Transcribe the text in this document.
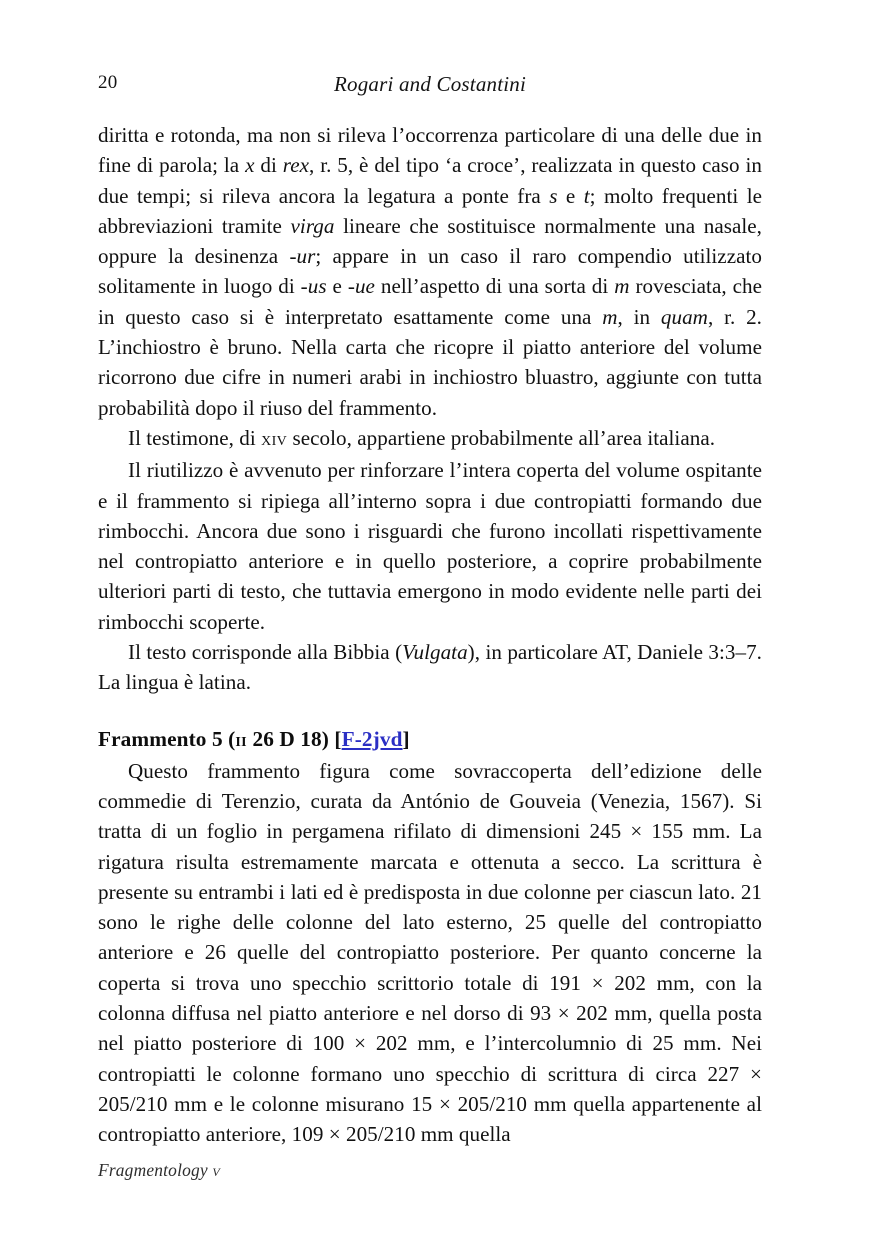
20	Rogari and Costantini

diritta e rotonda, ma non si rileva l’occorrenza particolare di una delle due in fine di parola; la x di rex, r. 5, è del tipo ‘a croce’, realizzata in questo caso in due tempi; si rileva ancora la legatura a ponte fra s e t; molto frequenti le abbreviazioni tramite virga lineare che sostituisce normalmente una nasale, oppure la desinenza -ur; appare in un caso il raro compendio utilizzato solitamente in luogo di -us e -ue nell’aspetto di una sorta di m rovesciata, che in questo caso si è interpretato esattamente come una m, in quam, r. 2. L’inchiostro è bruno. Nella carta che ricopre il piatto anteriore del volume ricorrono due cifre in numeri arabi in inchiostro bluastro, aggiunte con tutta probabilità dopo il riuso del frammento.

Il testimone, di xiv secolo, appartiene probabilmente all’area italiana.

Il riutilizzo è avvenuto per rinforzare l’intera coperta del volume ospitante e il frammento si ripiega all’interno sopra i due contropiatti formando due rimbocchi. Ancora due sono i risguardi che furono incollati rispettivamente nel contropiatto anteriore e in quello posteriore, a coprire probabilmente ulteriori parti di testo, che tuttavia emergono in modo evidente nelle parti dei rimbocchi scoperte.

Il testo corrisponde alla Bibbia (Vulgata), in particolare AT, Daniele 3:3–7. La lingua è latina.

Frammento 5 (ii 26 D 18) [F-2jvd]

Questo frammento figura come sovraccoperta dell’edizione delle commedie di Terenzio, curata da António de Gouveia (Venezia, 1567). Si tratta di un foglio in pergamena rifilato di dimensioni 245 × 155 mm. La rigatura risulta estremamente marcata e ottenuta a secco. La scrittura è presente su entrambi i lati ed è predisposta in due colonne per ciascun lato. 21 sono le righe delle colonne del lato esterno, 25 quelle del contropiatto anteriore e 26 quelle del contropiatto posteriore. Per quanto concerne la coperta si trova uno specchio scrittorio totale di 191 × 202 mm, con la colonna diffusa nel piatto anteriore e nel dorso di 93 × 202 mm, quella posta nel piatto posteriore di 100 × 202 mm, e l’intercolumnio di 25 mm. Nei contropiatti le colonne formano uno specchio di scrittura di circa 227 × 205/210 mm e le colonne misurano 15 × 205/210 mm quella appartenente al contropiatto anteriore, 109 × 205/210 mm quella

Fragmentology v
